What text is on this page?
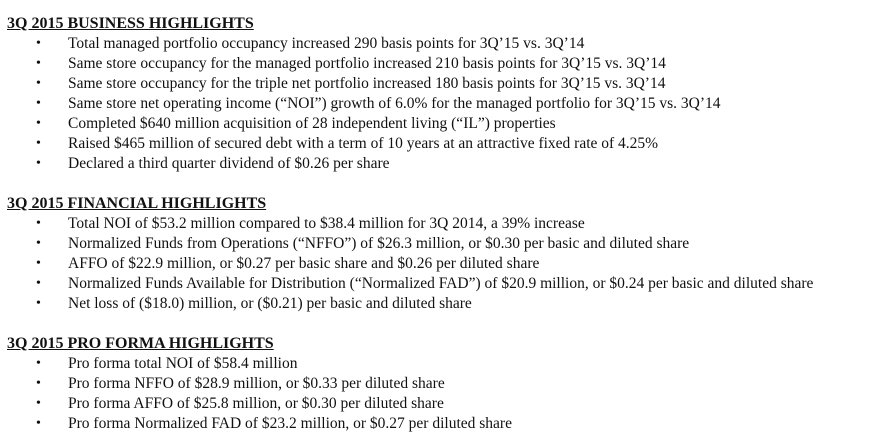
3Q 2015 BUSINESS HIGHLIGHTS
• Total managed portfolio occupancy increased 290 basis points for 3Q’15 vs. 3Q’14
• Same store occupancy for the managed portfolio increased 210 basis points for 3Q’15 vs. 3Q’14
• Same store occupancy for the triple net portfolio increased 180 basis points for 3Q’15 vs. 3Q’14
• Same store net operating income (“NOI”) growth of 6.0% for the managed portfolio for 3Q’15 vs. 3Q’14
• Completed $640 million acquisition of 28 independent living (“IL”) properties
• Raised $465 million of secured debt with a term of 10 years at an attractive fixed rate of 4.25%
• Declared a third quarter dividend of $0.26 per share
3Q 2015 FINANCIAL HIGHLIGHTS
• Total NOI of $53.2 million compared to $38.4 million for 3Q 2014, a 39% increase
• Normalized Funds from Operations (“NFFO”) of $26.3 million, or $0.30 per basic and diluted share
• AFFO of $22.9 million, or $0.27 per basic share and $0.26 per diluted share
• Normalized Funds Available for Distribution (“Normalized FAD”) of $20.9 million, or $0.24 per basic and diluted share
• Net loss of ($18.0) million, or ($0.21) per basic and diluted share
3Q 2015 PRO FORMA HIGHLIGHTS
• Pro forma total NOI of $58.4 million
• Pro forma NFFO of $28.9 million, or $0.33 per diluted share
• Pro forma AFFO of $25.8 million, or $0.30 per diluted share
• Pro forma Normalized FAD of $23.2 million, or $0.27 per diluted share
